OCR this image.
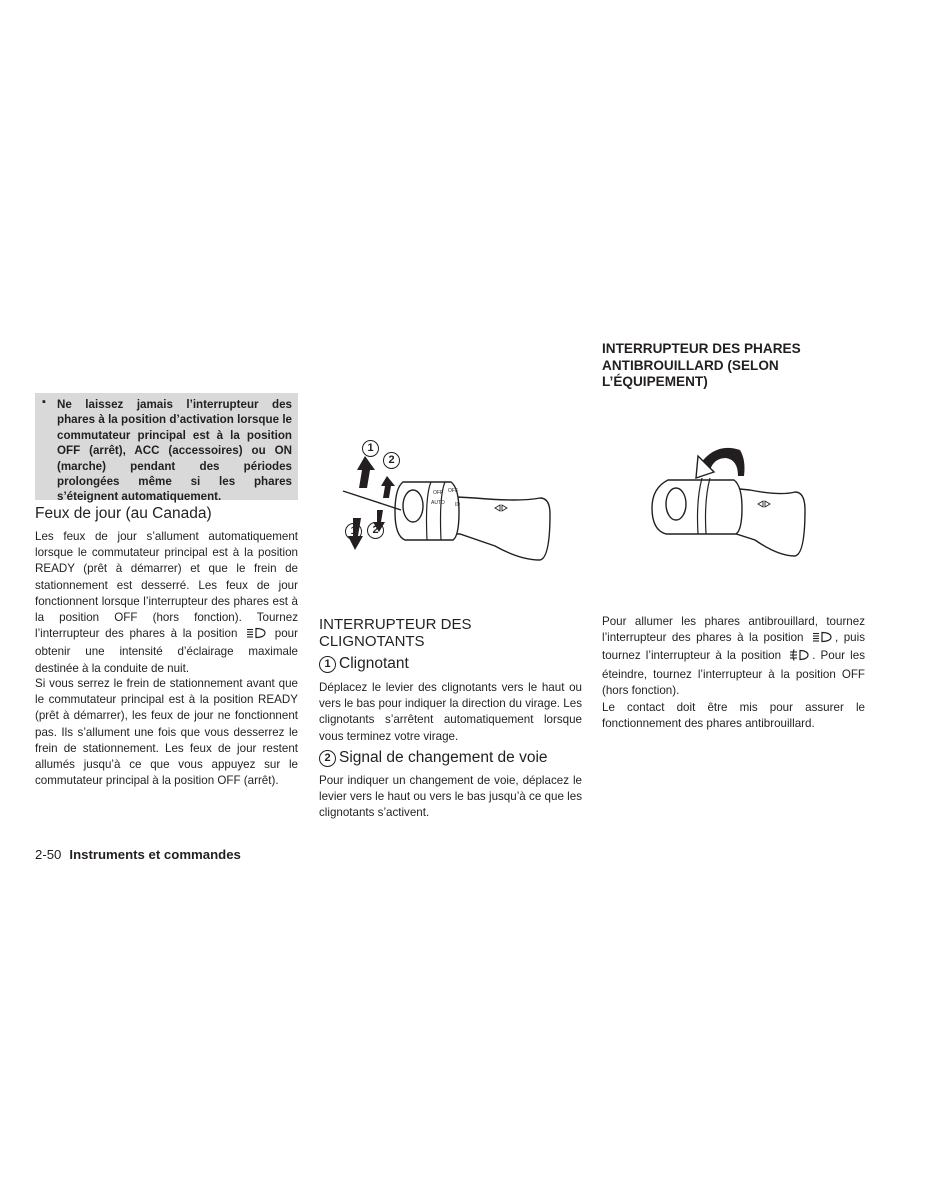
▪ Ne laissez jamais l’interrupteur des phares à la position d’activation lorsque le commutateur principal est à la position OFF (arrêt), ACC (accessoires) ou ON (marche) pendant des périodes prolongées même si les phares s’éteignent automatiquement.

Feux de jour (au Canada)
Les feux de jour s’allument automatiquement lorsque le commutateur principal est à la position READY (prêt à démarrer) et que le frein de stationnement est desserré. Les feux de jour fonctionnent lorsque l’interrupteur des phares est à la position OFF (hors fonction). Tournez l’interrupteur des phares à la position	pour obtenir une intensité d’éclairage maximale destinée à la conduite de nuit.
Si vous serrez le frein de stationnement avant que le commutateur principal est à la position READY (prêt à démarrer), les feux de jour ne fonctionnent pas. Ils s’allument une fois que vous desserrez le frein de stationnement. Les feux de jour restent allumés jusqu’à ce que vous appuyez sur le commutateur principal à la position OFF (arrêt).
1
2
1	2
OFF
AUTO
OFF
ID
INTERRUPTEUR DES
CLIGNOTANTS
1 Clignotant
Déplacez le levier des clignotants vers le haut ou vers le bas pour indiquer la direction du virage. Les clignotants s’arrêtent automatiquement lorsque vous terminez votre virage.
2 Signal de changement de voie
Pour indiquer un changement de voie, déplacez le levier vers le haut ou vers le bas jusqu’à ce que les clignotants s’activent.
INTERRUPTEUR DES PHARES
ANTIBROUILLARD (SELON
L’ÉQUIPEMENT)
Pour allumer les phares antibrouillard, tournez l’interrupteur des phares à la position	, puis tournez l’interrupteur à la position	. Pour les éteindre, tournez l’interrupteur à la position OFF (hors fonction).
Le contact doit être mis pour assurer le fonctionnement des phares antibrouillard.
2-50 Instruments et commandes
